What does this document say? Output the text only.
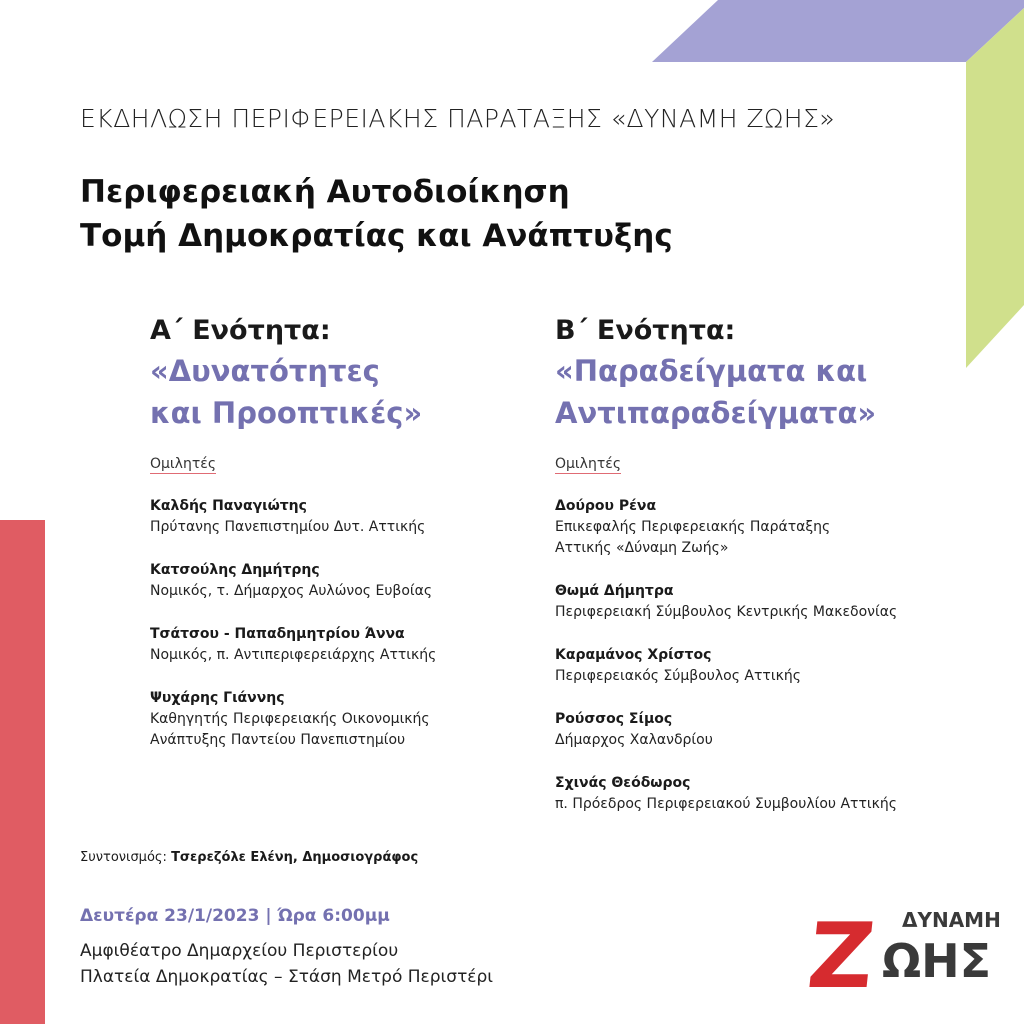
ΕΚΔΗΛΩΣΗ ΠΕΡΙΦΕΡΕΙΑΚΗΣ ΠΑΡΑΤΑΞΗΣ «ΔΥΝΑΜΗ ΖΩΗΣ»
Περιφερειακή Αυτοδιοίκηση
Τομή Δημοκρατίας και Ανάπτυξης
Α΄ Ενότητα:
«Δυνατότητες
και Προοπτικές»
Ομιλητές
Καλδής Παναγιώτης
Πρύτανης Πανεπιστημίου Δυτ. Αττικής
Κατσούλης Δημήτρης
Νομικός, τ. Δήμαρχος Αυλώνος Ευβοίας
Τσάτσου - Παπαδημητρίου Άννα
Νομικός, π. Αντιπεριφερειάρχης Αττικής
Ψυχάρης Γιάννης
Καθηγητής Περιφερειακής Οικονομικής
Ανάπτυξης Παντείου Πανεπιστημίου
Β΄ Ενότητα:
«Παραδείγματα και
Αντιπαραδείγματα»
Ομιλητές
Δούρου Ρένα
Επικεφαλής Περιφερειακής Παράταξης
Αττικής «Δύναμη Ζωής»
Θωμά Δήμητρα
Περιφερειακή Σύμβουλος Κεντρικής Μακεδονίας
Καραμάνος Χρίστος
Περιφερειακός Σύμβουλος Αττικής
Ρούσσος Σίμος
Δήμαρχος Χαλανδρίου
Σχινάς Θεόδωρος
π. Πρόεδρος Περιφερειακού Συμβουλίου Αττικής
Συντονισμός: Τσερεζόλε Ελένη, Δημοσιογράφος
Δευτέρα 23/1/2023 | Ώρα 6:00μμ
Αμφιθέατρο Δημαρχείου Περιστερίου
Πλατεία Δημοκρατίας – Στάση Μετρό Περιστέρι
ΔΥΝΑΜΗ
Ζ ΩΗΣ
